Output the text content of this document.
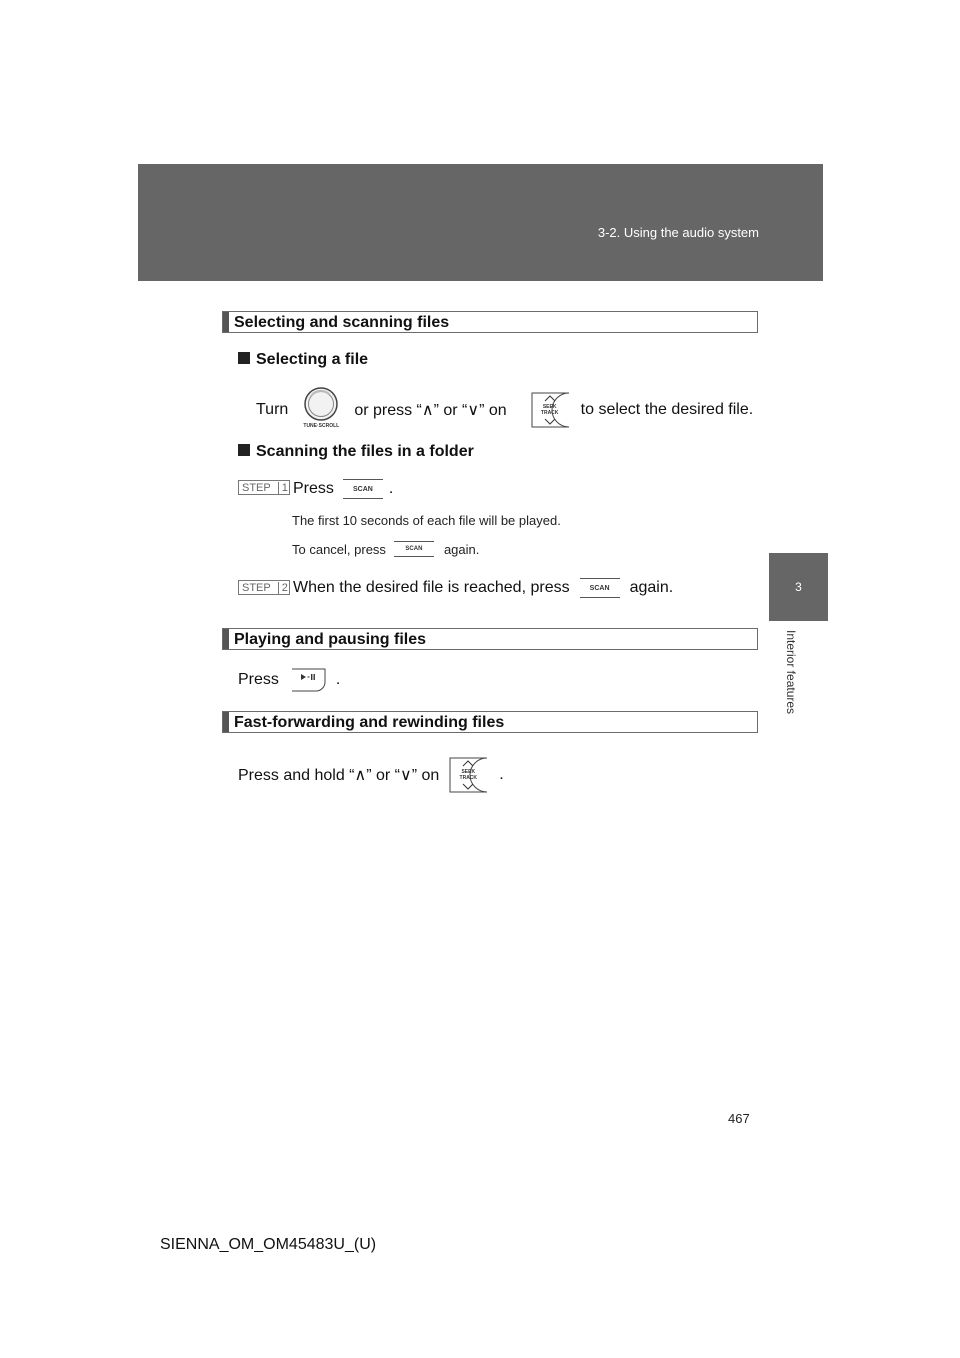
3-2. Using the audio system
3
Interior features
Selecting and scanning files
Selecting a file
Turn
TUNE·SCROLL
or press “∧” or “∨” on	SEEK
TRACK	to select the desired file.
Scanning the files in a folder
STEP	1 Press	SCAN .
The first 10 seconds of each file will be played.
To cancel, press	SCAN again.
STEP	2 When the desired file is reached, press	SCAN again.
Playing and pausing files
Press	.
Fast-forwarding and rewinding files
Press and hold “∧” or “∨” on	SEEK
TRACK	.
467
SIENNA_OM_OM45483U_(U)
